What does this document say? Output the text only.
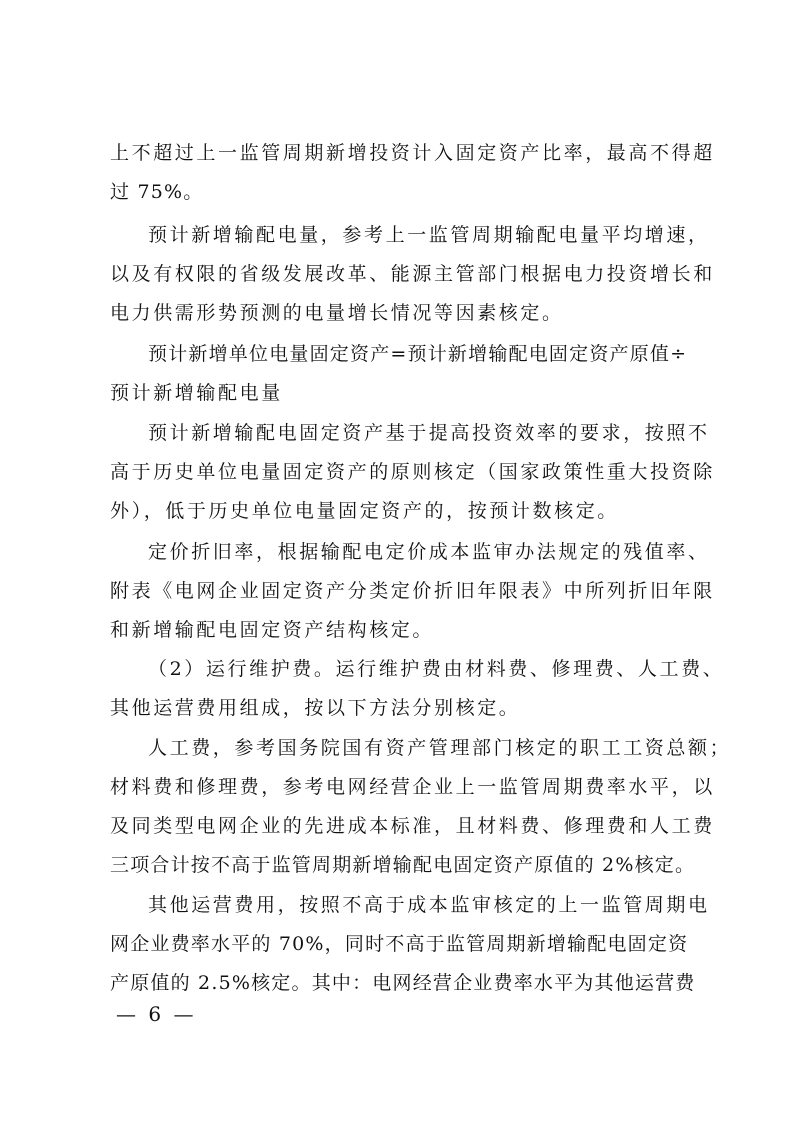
上不超过上一监管周期新增投资计入固定资产比率，最高不得超
过 75%。
预计新增输配电量，参考上一监管周期输配电量平均增速，
以及有权限的省级发展改革、能源主管部门根据电力投资增长和
电力供需形势预测的电量增长情况等因素核定。
预计新增单位电量固定资产=预计新增输配电固定资产原值÷
预计新增输配电量
预计新增输配电固定资产基于提高投资效率的要求，按照不
高于历史单位电量固定资产的原则核定（国家政策性重大投资除
外），低于历史单位电量固定资产的，按预计数核定。
定价折旧率，根据输配电定价成本监审办法规定的残值率、
附表《电网企业固定资产分类定价折旧年限表》中所列折旧年限
和新增输配电固定资产结构核定。
（2）运行维护费。运行维护费由材料费、修理费、人工费、
其他运营费用组成，按以下方法分别核定。
人工费，参考国务院国有资产管理部门核定的职工工资总额；
材料费和修理费，参考电网经营企业上一监管周期费率水平，以
及同类型电网企业的先进成本标准，且材料费、修理费和人工费
三项合计按不高于监管周期新增输配电固定资产原值的 2%核定。
其他运营费用，按照不高于成本监审核定的上一监管周期电
网企业费率水平的 70%，同时不高于监管周期新增输配电固定资
产原值的 2.5%核定。其中：电网经营企业费率水平为其他运营费
— 6 —
